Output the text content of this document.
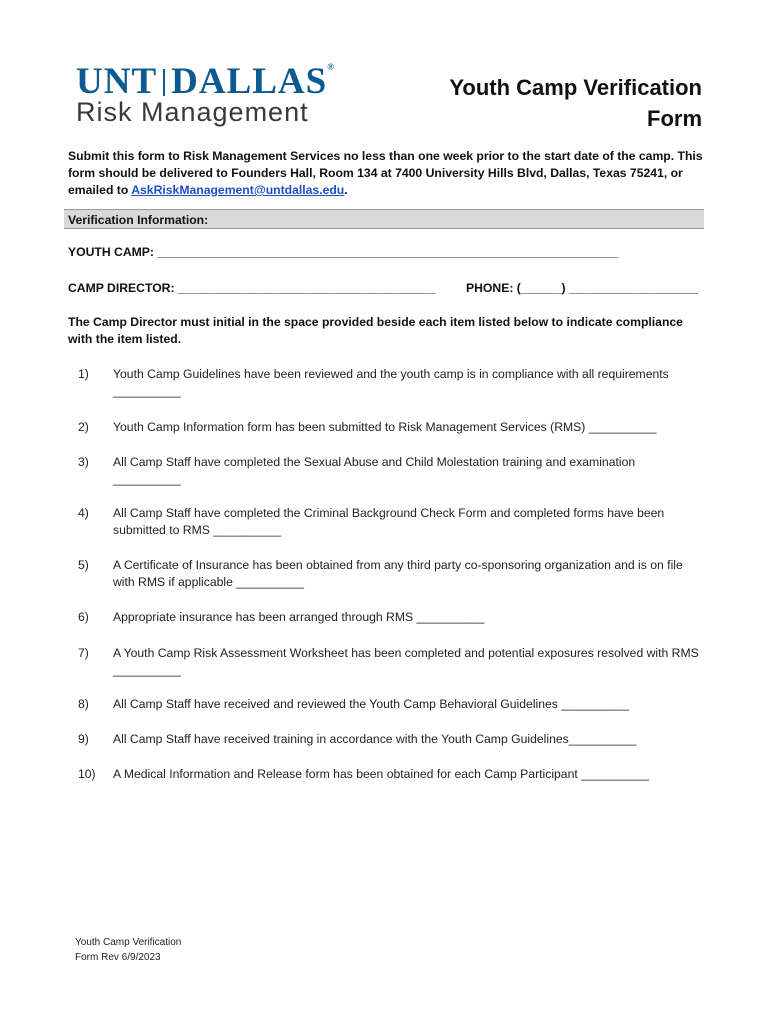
UNT DALLAS®
Risk Management
Youth Camp Verification
Form
Submit this form to Risk Management Services no less than one week prior to the start date of the camp. This form should be delivered to Founders Hall, Room 134 at 7400 University Hills Blvd, Dallas, Texas 75241, or emailed to AskRiskManagement@untdallas.edu.
Verification Information:
YOUTH CAMP: ____________________________________________________________________
CAMP DIRECTOR: ______________________________________	PHONE: (______) ___________________
The Camp Director must initial in the space provided beside each item listed below to indicate compliance with the item listed.
1)	Youth Camp Guidelines have been reviewed and the youth camp is in compliance with all requirements __________
2)	Youth Camp Information form has been submitted to Risk Management Services (RMS) __________
3)	All Camp Staff have completed the Sexual Abuse and Child Molestation training and examination __________
4)	All Camp Staff have completed the Criminal Background Check Form and completed forms have been submitted to RMS __________
5)	A Certificate of Insurance has been obtained from any third party co-sponsoring organization and is on file with RMS if applicable __________
6)	Appropriate insurance has been arranged through RMS __________
7)	A Youth Camp Risk Assessment Worksheet has been completed and potential exposures resolved with RMS __________
8)	All Camp Staff have received and reviewed the Youth Camp Behavioral Guidelines __________
9)	All Camp Staff have received training in accordance with the Youth Camp Guidelines__________
10)	A Medical Information and Release form has been obtained for each Camp Participant __________
Youth Camp Verification
Form Rev 6/9/2023
